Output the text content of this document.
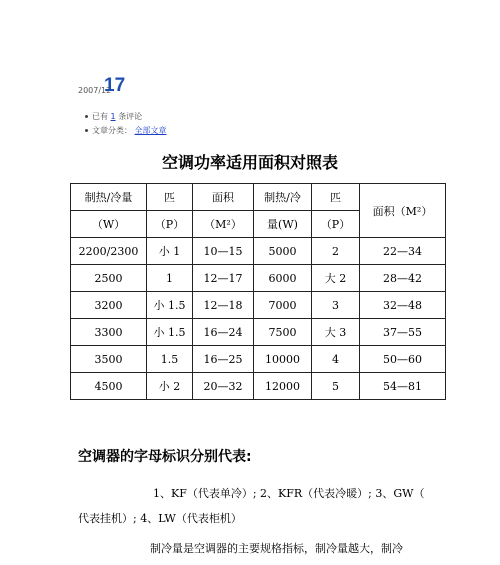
2007/12
17
已有 1 条评论
文章分类： 全部文章
空调功率适用面积对照表
制热/冷量	匹	面积	制热/冷	匹	面积（M²）
（W）	（P）	（M²）	量(W)	（P）	
2200/2300	小 1	10—15	5000	2	22—34
2500	1	12—17	6000	大 2	28—42
3200	小 1.5	12—18	7000	3	32—48
3300	小 1.5	16—24	7500	大 3	37—55
3500	1.5	16—25	10000	4	50—60
4500	小 2	20—32	12000	5	54—81
空调器的字母标识分别代表:
1、KF（代表单冷）; 2、KFR（代表冷暖）; 3、GW（
代表挂机）; 4、LW（代表柜机）
制冷量是空调器的主要规格指标，制冷量越大，制冷
